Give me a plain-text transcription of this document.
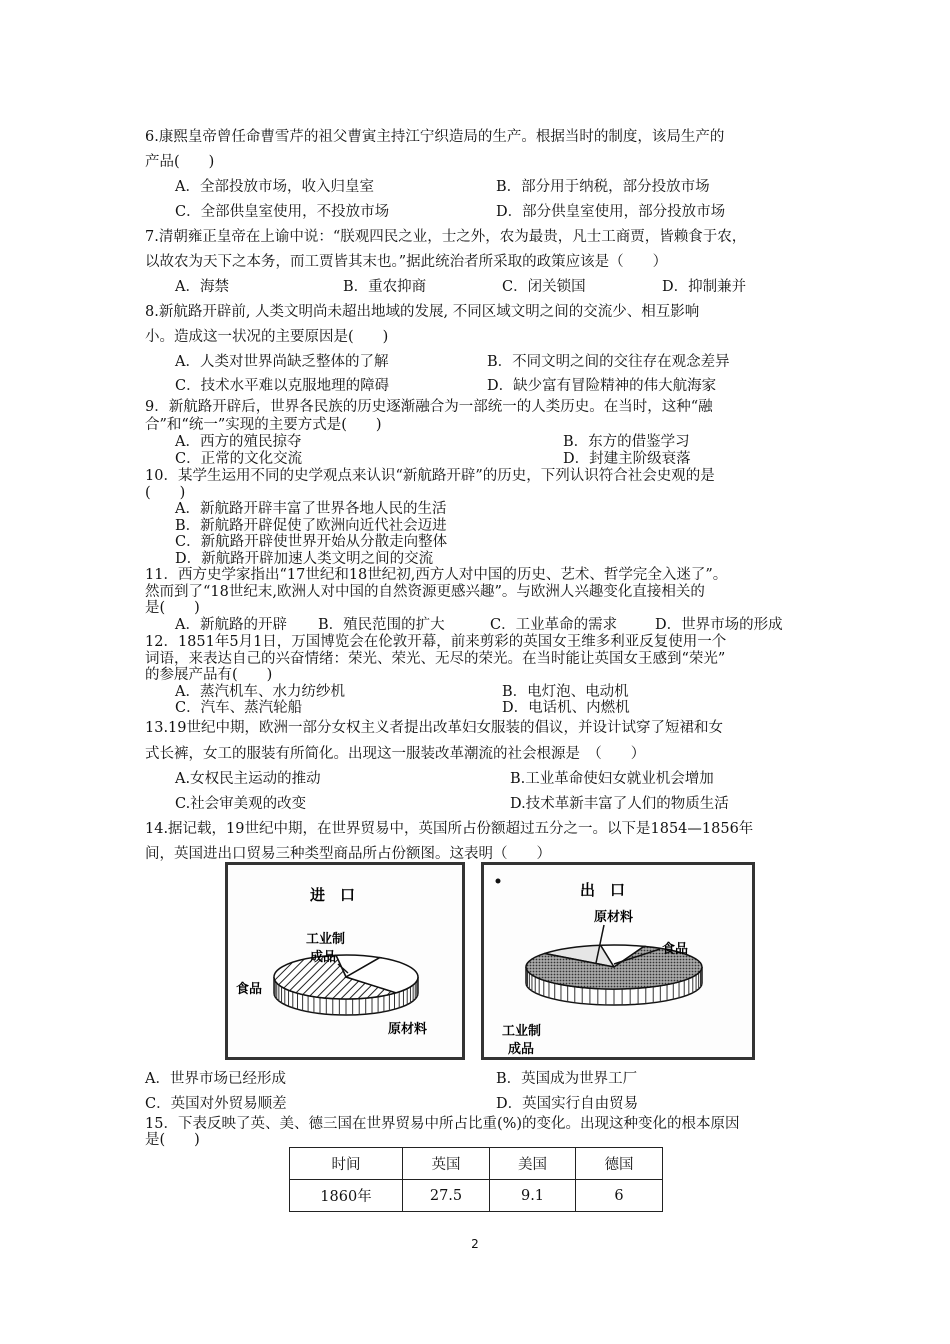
6.康熙皇帝曾任命曹雪芹的祖父曹寅主持江宁织造局的生产。根据当时的制度，该局生产的
产品(　　)
A．全部投放市场，收入归皇室	B．部分用于纳税，部分投放市场
C．全部供皇室使用，不投放市场	D．部分供皇室使用，部分投放市场
7.清朝雍正皇帝在上谕中说：“朕观四民之业，士之外，农为最贵，凡士工商贾，皆赖食于农，
以故农为天下之本务，而工贾皆其末也。”据此统治者所采取的政策应该是（　　）
A．海禁	B．重农抑商	C．闭关锁国	D．抑制兼并
8.新航路开辟前, 人类文明尚未超出地域的发展, 不同区域文明之间的交流少、相互影响
小。造成这一状况的主要原因是(　　)
A．人类对世界尚缺乏整体的了解	B．不同文明之间的交往存在观念差异
C．技术水平难以克服地理的障碍	D．缺少富有冒险精神的伟大航海家
9．新航路开辟后，世界各民族的历史逐渐融合为一部统一的人类历史。在当时，这种“融
合”和“统一”实现的主要方式是(　　)
A．西方的殖民掠夺	B．东方的借鉴学习
C．正常的文化交流	D．封建主阶级衰落
10．某学生运用不同的史学观点来认识“新航路开辟”的历史，下列认识符合社会史观的是
(　　)
A．新航路开辟丰富了世界各地人民的生活
B．新航路开辟促使了欧洲向近代社会迈进
C．新航路开辟使世界开始从分散走向整体
D．新航路开辟加速人类文明之间的交流
11．西方史学家指出“17世纪和18世纪初,西方人对中国的历史、艺术、哲学完全入迷了”。
然而到了“18世纪末,欧洲人对中国的自然资源更感兴趣”。与欧洲人兴趣变化直接相关的
是(　　)
A．新航路的开辟 B．殖民范围的扩大	C．工业革命的需求	D．世界市场的形成
12．1851年5月1日，万国博览会在伦敦开幕，前来剪彩的英国女王维多利亚反复使用一个
词语，来表达自己的兴奋情绪：荣光、荣光、无尽的荣光。在当时能让英国女王感到“荣光”
的参展产品有(　　)
A．蒸汽机车、水力纺纱机	B．电灯泡、电动机
C．汽车、蒸汽轮船	D．电话机、内燃机
13.19世纪中期，欧洲一部分女权主义者提出改革妇女服装的倡议，并设计试穿了短裙和女
式长裤，女工的服装有所简化。出现这一服装改革潮流的社会根源是　（　　）
A.女权民主运动的推动	B.工业革命使妇女就业机会增加
C.社会审美观的改变	D.技术革新丰富了人们的物质生活
14.据记载，19世纪中期，在世界贸易中，英国所占份额超过五分之一。以下是1854—1856年
间，英国进出口贸易三种类型商品所占份额图。这表明（　　）
进　口
工业制
成品
食品
原材料
出　口
原材料
食品
工业制
成品
A．世界市场已经形成	B．英国成为世界工厂
C．英国对外贸易顺差	D．英国实行自由贸易
15．下表反映了英、美、德三国在世界贸易中所占比重(%)的变化。出现这种变化的根本原因
是(　　)
时间	英国	美国	德国
1860年	27.5	9.1	6
2
